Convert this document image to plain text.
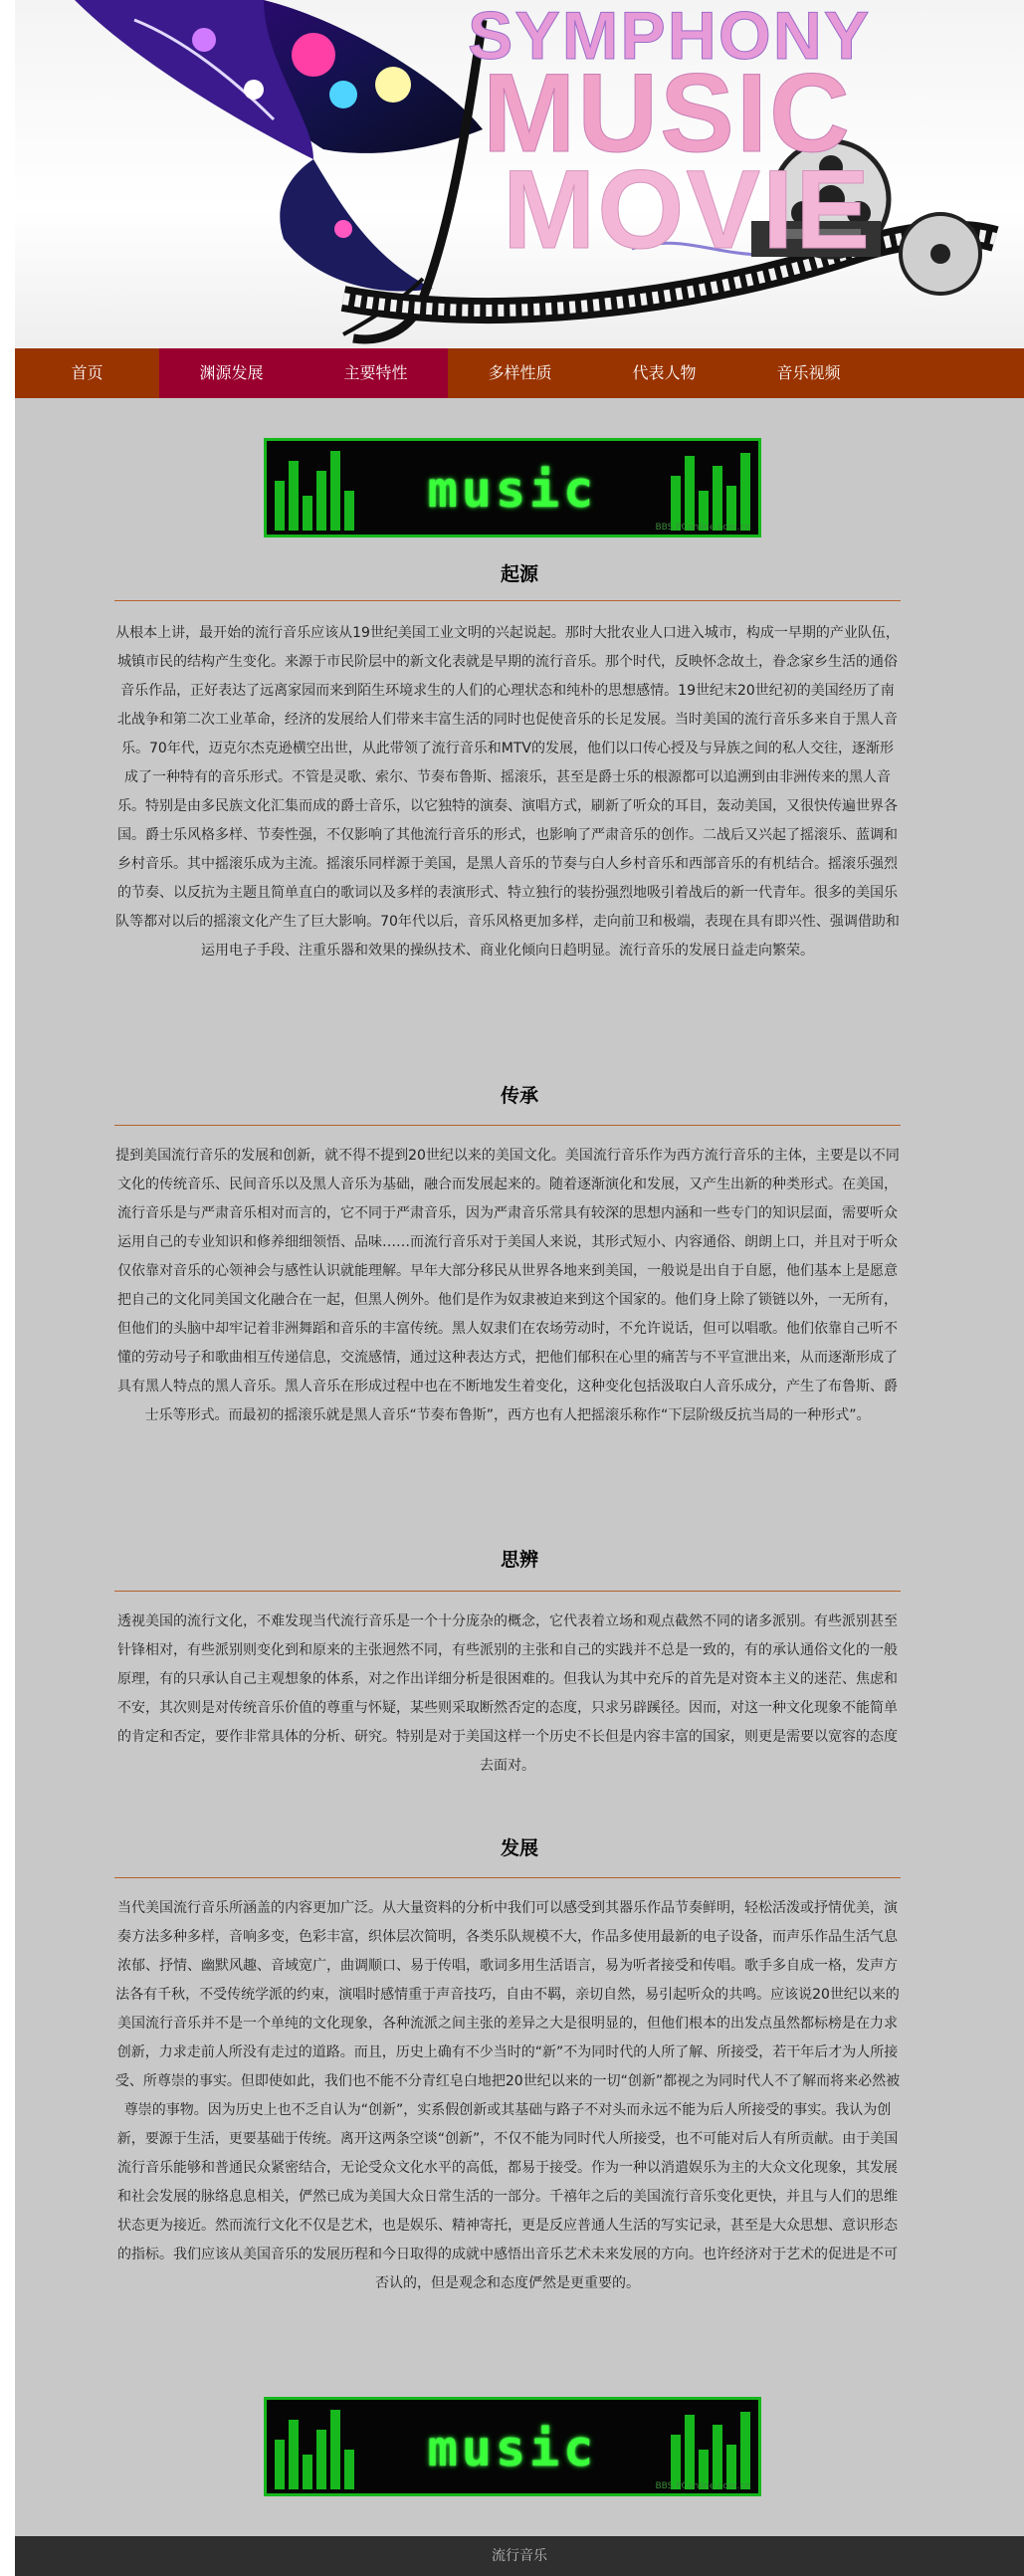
SYMPHONY
MUSIC
MOVIE
首页	渊源发展	主要特性	多样性质	代表人物	音乐视频
music
BBS.PConline.com.cn
起源

从根本上讲，最开始的流行音乐应该从19世纪美国工业文明的兴起说起。那时大批农业人口进入城市，构成一早期的产业队伍，城镇市民的结构产生变化。来源于市民阶层中的新文化表就是早期的流行音乐。那个时代，反映怀念故土，眷念家乡生活的通俗音乐作品，正好表达了远离家园而来到陌生环境求生的人们的心理状态和纯朴的思想感情。19世纪末20世纪初的美国经历了南北战争和第二次工业革命，经济的发展给人们带来丰富生活的同时也促使音乐的长足发展。当时美国的流行音乐多来自于黑人音乐。70年代，迈克尔杰克逊横空出世，从此带领了流行音乐和MTV的发展，他们以口传心授及与异族之间的私人交往，逐渐形成了一种特有的音乐形式。不管是灵歌、索尔、节奏布鲁斯、摇滚乐，甚至是爵士乐的根源都可以追溯到由非洲传来的黑人音乐。特别是由多民族文化汇集而成的爵士音乐，以它独特的演奏、演唱方式，刷新了听众的耳目，轰动美国，又很快传遍世界各国。爵士乐风格多样、节奏性强，不仅影响了其他流行音乐的形式，也影响了严肃音乐的创作。二战后又兴起了摇滚乐、蓝调和乡村音乐。其中摇滚乐成为主流。摇滚乐同样源于美国，是黑人音乐的节奏与白人乡村音乐和西部音乐的有机结合。摇滚乐强烈的节奏、以反抗为主题且简单直白的歌词以及多样的表演形式、特立独行的装扮强烈地吸引着战后的新一代青年。很多的美国乐队等都对以后的摇滚文化产生了巨大影响。70年代以后，音乐风格更加多样，走向前卫和极端，表现在具有即兴性、强调借助和运用电子手段、注重乐器和效果的操纵技术、商业化倾向日趋明显。流行音乐的发展日益走向繁荣。

传承

提到美国流行音乐的发展和创新，就不得不提到20世纪以来的美国文化。美国流行音乐作为西方流行音乐的主体，主要是以不同文化的传统音乐、民间音乐以及黑人音乐为基础，融合而发展起来的。随着逐渐演化和发展，又产生出新的种类形式。在美国，流行音乐是与严肃音乐相对而言的，它不同于严肃音乐，因为严肃音乐常具有较深的思想内涵和一些专门的知识层面，需要听众运用自己的专业知识和修养细细领悟、品味……而流行音乐对于美国人来说，其形式短小、内容通俗、朗朗上口，并且对于听众仅依靠对音乐的心领神会与感性认识就能理解。早年大部分移民从世界各地来到美国，一般说是出自于自愿，他们基本上是愿意把自己的文化同美国文化融合在一起，但黑人例外。他们是作为奴隶被迫来到这个国家的。他们身上除了锁链以外，一无所有，但他们的头脑中却牢记着非洲舞蹈和音乐的丰富传统。黑人奴隶们在农场劳动时，不允许说话，但可以唱歌。他们依靠自己听不懂的劳动号子和歌曲相互传递信息，交流感情，通过这种表达方式，把他们郁积在心里的痛苦与不平宣泄出来，从而逐渐形成了具有黑人特点的黑人音乐。黑人音乐在形成过程中也在不断地发生着变化，这种变化包括汲取白人音乐成分，产生了布鲁斯、爵士乐等形式。而最初的摇滚乐就是黑人音乐“节奏布鲁斯”，西方也有人把摇滚乐称作“下层阶级反抗当局的一种形式”。

思辨

透视美国的流行文化，不难发现当代流行音乐是一个十分庞杂的概念，它代表着立场和观点截然不同的诸多派别。有些派别甚至针锋相对，有些派别则变化到和原来的主张迥然不同，有些派别的主张和自己的实践并不总是一致的，有的承认通俗文化的一般原理，有的只承认自己主观想象的体系，对之作出详细分析是很困难的。但我认为其中充斥的首先是对资本主义的迷茫、焦虑和不安，其次则是对传统音乐价值的尊重与怀疑，某些则采取断然否定的态度，只求另辟蹊径。因而，对这一种文化现象不能简单的肯定和否定，要作非常具体的分析、研究。特别是对于美国这样一个历史不长但是内容丰富的国家，则更是需要以宽容的态度去面对。

发展

当代美国流行音乐所涵盖的内容更加广泛。从大量资料的分析中我们可以感受到其器乐作品节奏鲜明，轻松活泼或抒情优美，演奏方法多种多样，音响多变，色彩丰富，织体层次简明，各类乐队规模不大，作品多使用最新的电子设备，而声乐作品生活气息浓郁、抒情、幽默风趣、音域宽广，曲调顺口、易于传唱，歌词多用生活语言，易为听者接受和传唱。歌手多自成一格，发声方法各有千秋，不受传统学派的约束，演唱时感情重于声音技巧，自由不羁，亲切自然，易引起听众的共鸣。应该说20世纪以来的美国流行音乐并不是一个单纯的文化现象，各种流派之间主张的差异之大是很明显的，但他们根本的出发点虽然都标榜是在力求创新，力求走前人所没有走过的道路。而且，历史上确有不少当时的“新”不为同时代的人所了解、所接受，若干年后才为人所接受、所尊崇的事实。但即使如此，我们也不能不分青红皂白地把20世纪以来的一切“创新”都视之为同时代人不了解而将来必然被尊崇的事物。因为历史上也不乏自认为“创新”，实系假创新或其基础与路子不对头而永远不能为后人所接受的事实。我认为创新，要源于生活，更要基础于传统。离开这两条空谈“创新”，不仅不能为同时代人所接受，也不可能对后人有所贡献。由于美国流行音乐能够和普通民众紧密结合，无论受众文化水平的高低，都易于接受。作为一种以消遣娱乐为主的大众文化现象，其发展和社会发展的脉络息息相关，俨然已成为美国大众日常生活的一部分。千禧年之后的美国流行音乐变化更快，并且与人们的思维状态更为接近。然而流行文化不仅是艺术，也是娱乐、精神寄托，更是反应普通人生活的写实记录，甚至是大众思想、意识形态的指标。我们应该从美国音乐的发展历程和今日取得的成就中感悟出音乐艺术未来发展的方向。也许经济对于艺术的促进是不可否认的，但是观念和态度俨然是更重要的。

music
BBS.PConline.com.cn
流行音乐
